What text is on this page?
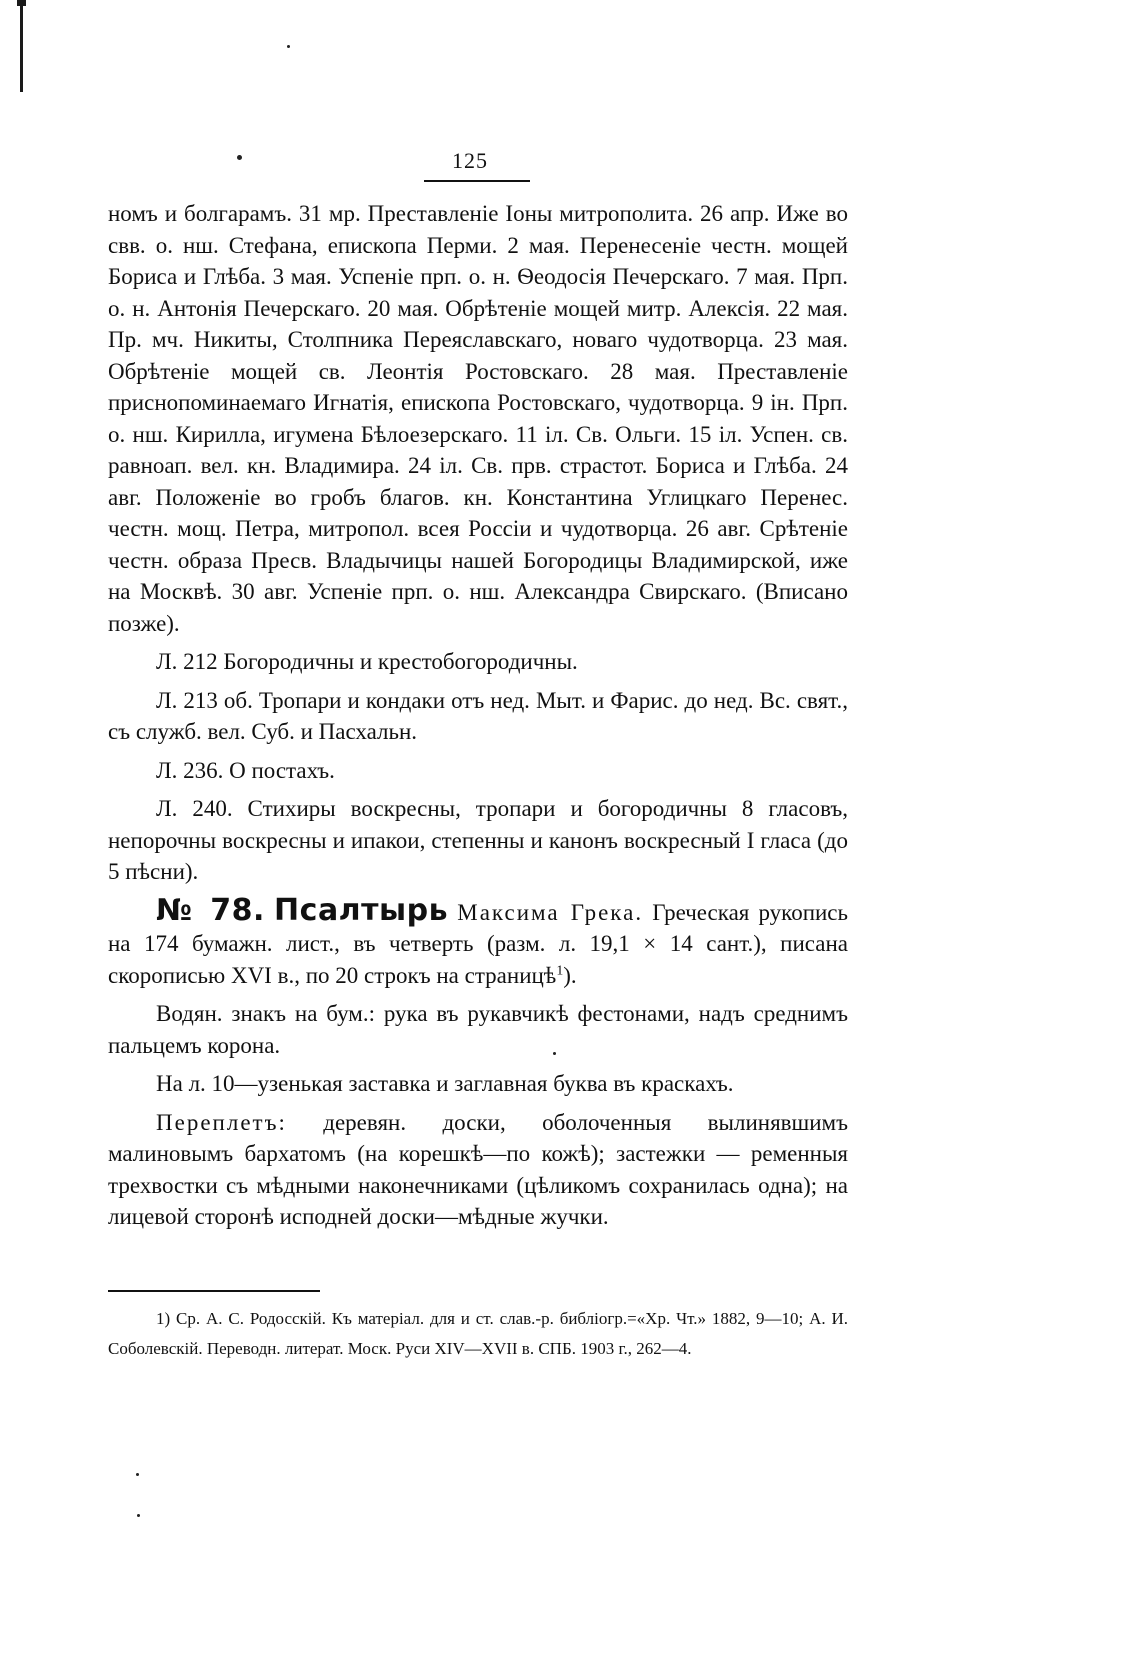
125

номъ и болгарамъ. 31 мр. Преставленіе Іоны митрополита. 26 апр. Иже во свв. о. нш. Стефана, епископа Перми. 2 мая. Перенесеніе честн. мощей Бориса и Глѣба. 3 мая. Успеніе прп. о. н. Ѳеодосія Печерскаго. 7 мая. Прп. о. н. Антонія Печерскаго. 20 мая. Обрѣтеніе мощей митр. Алексія. 22 мая. Пр. мч. Никиты, Столпника Переяславскаго, новаго чудотворца. 23 мая. Обрѣтеніе мощей св. Леонтія Ростовскаго. 28 мая. Преставленіе приснопоминаемаго Игнатія, епископа Ростовскаго, чудотворца. 9 ін. Прп. о. нш. Кирилла, игумена Бѣлоезерскаго. 11 іл. Св. Ольги. 15 іл. Успен. св. равноап. вел. кн. Владимира. 24 іл. Св. прв. страстот. Бориса и Глѣба. 24 авг. Положеніе во гробъ благов. кн. Константина Углицкаго Перенес. честн. мощ. Петра, митропол. всея Россіи и чудотворца. 26 авг. Срѣтеніе честн. образа Пресв. Владычицы нашей Богородицы Владимирской, иже на Москвѣ. 30 авг. Успеніе прп. о. нш. Александра Свирскаго. (Вписано позже).

Л. 212 Богородичны и крестобогородичны.

Л. 213 об. Тропари и кондаки отъ нед. Мыт. и Фарис. до нед. Вс. свят., съ служб. вел. Суб. и Пасхальн.

Л. 236. О постахъ.

Л. 240. Стихиры воскресны, тропари и богородичны 8 гласовъ, непорочны воскресны и ипакои, степенны и канонъ воскресный I гласа (до 5 пѣсни).

№ 78. Псалтырь Максима Грека. Греческая рукопись на 174 бумажн. лист., въ четверть (разм. л. 19,1 × 14 сант.), писана скорописью XVI в., по 20 строкъ на страницѣ$^1$).

Водян. знакъ на бум.: рука въ рукавчикѣ фестонами, надъ среднимъ пальцемъ корона.

На л. 10—узенькая заставка и заглавная буква въ краскахъ.

Переплетъ: деревян. доски, оболоченныя вылинявшимъ малиновымъ бархатомъ (на корешкѣ—по кожѣ); застежки — ременныя трехвостки съ мѣдными наконечниками (цѣликомъ сохранилась одна); на лицевой сторонѣ исподней доски—мѣдные жучки.

1) Ср. А. С. Родосскій. Къ матеріал. для и ст. слав.-р. библіогр.=«Хр. Чт.» 1882, 9—10; А. И. Соболевскій. Переводн. литерат. Моск. Руси XIV—XVII в. СПБ. 1903 г., 262—4.
